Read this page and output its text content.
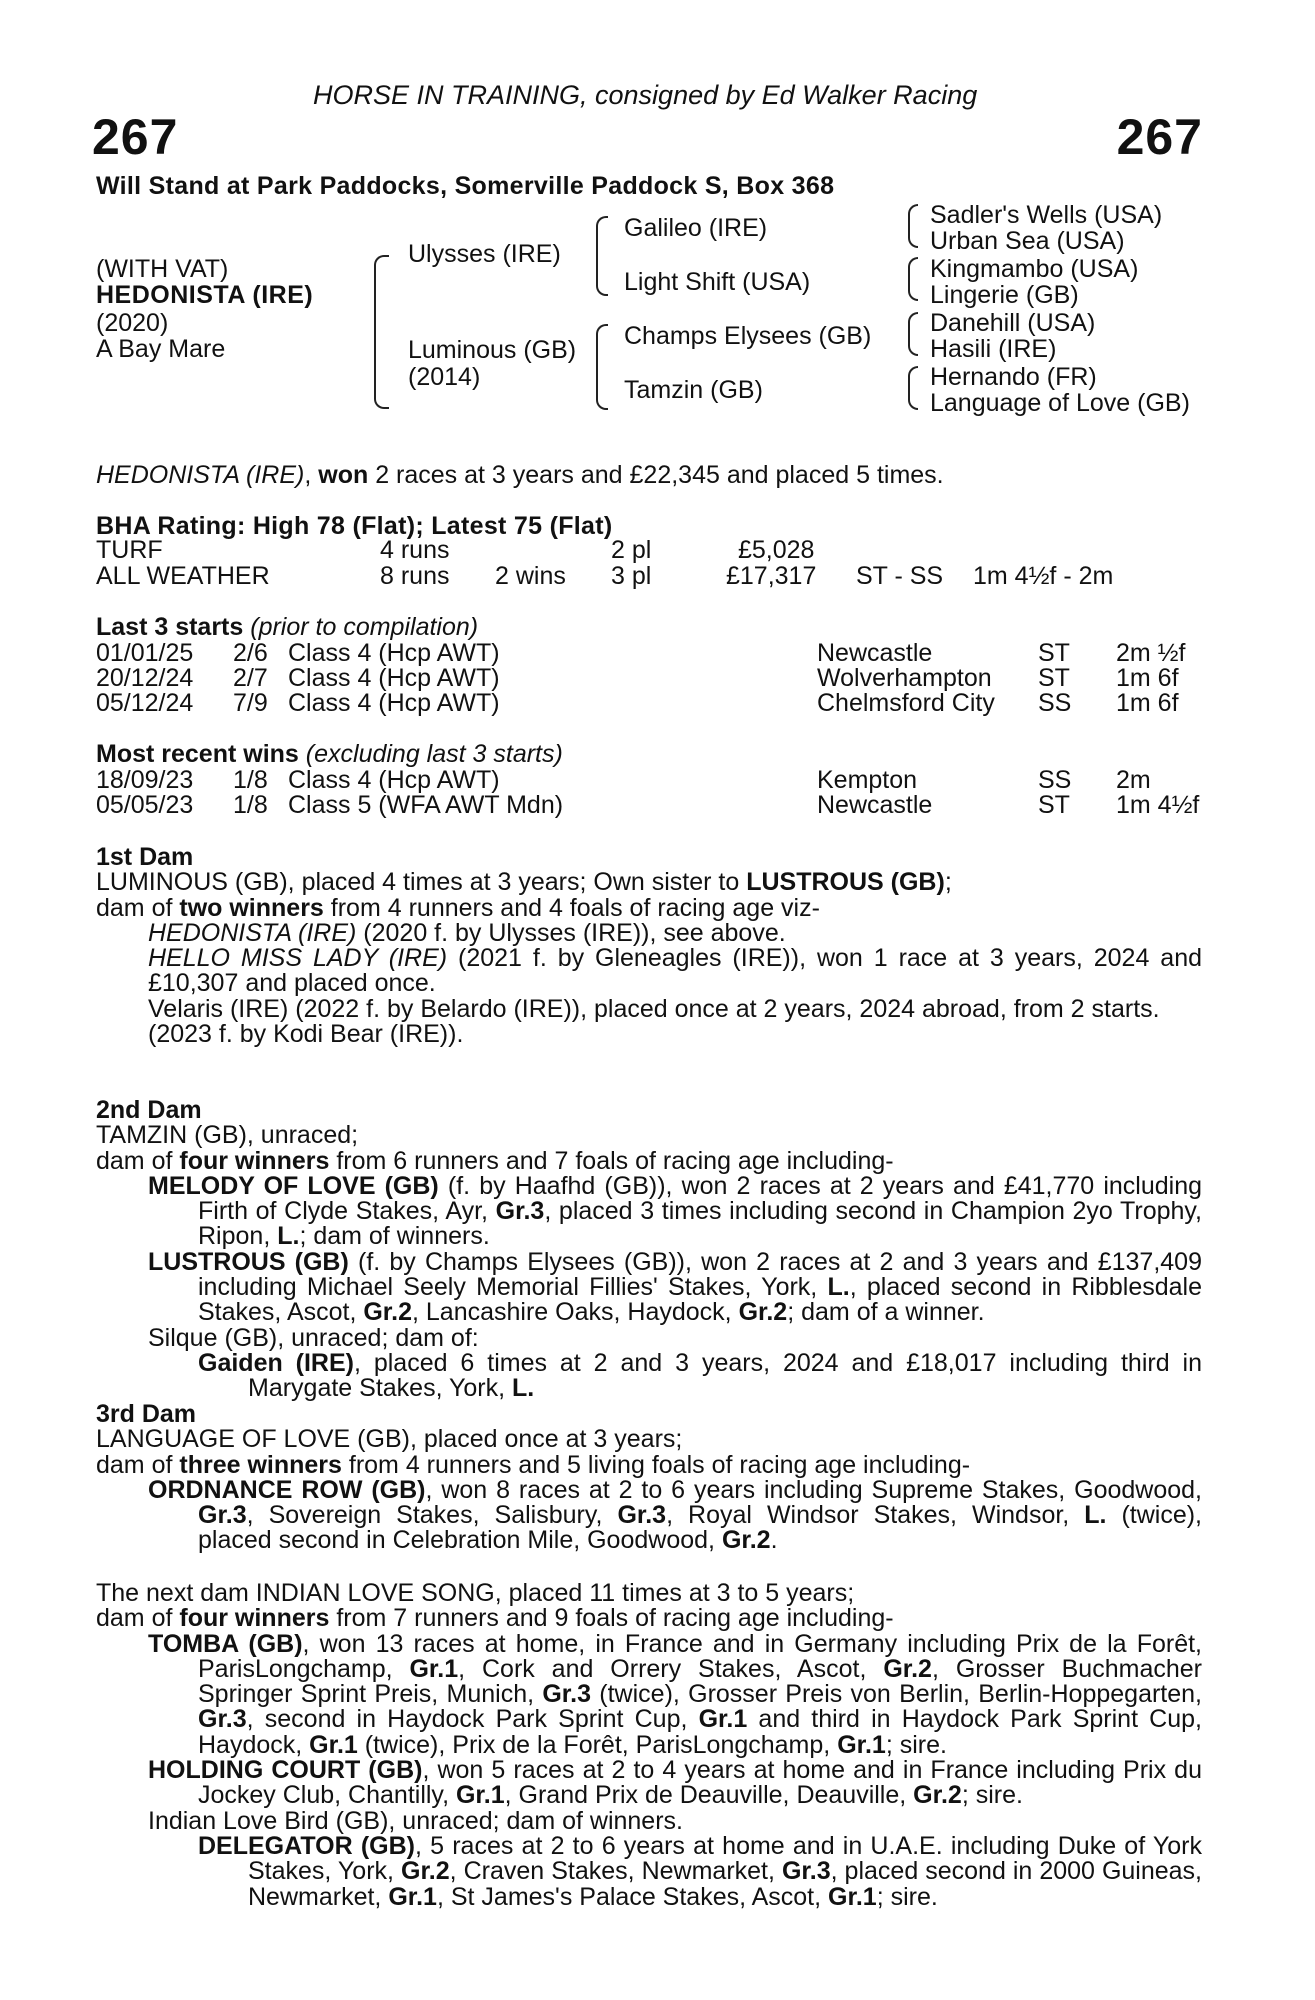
HORSE IN TRAINING, consigned by Ed Walker Racing
267	267
Will Stand at Park Paddocks, Somerville Paddock S, Box 368
(WITH VAT)
HEDONISTA (IRE)
(2020)
A Bay Mare
Ulysses (IRE)
Luminous (GB)
(2014)
Galileo (IRE)
Light Shift (USA)
Champs Elysees (GB)
Tamzin (GB)
Sadler's Wells (USA)
Urban Sea (USA)
Kingmambo (USA)
Lingerie (GB)
Danehill (USA)
Hasili (IRE)
Hernando (FR)
Language of Love (GB)
HEDONISTA (IRE), won 2 races at 3 years and £22,345 and placed 5 times.
BHA Rating: High 78 (Flat); Latest 75 (Flat)
TURF	4 runs	2 pl	£5,028
ALL WEATHER	8 runs 2 wins 3 pl	£17,317 ST - SS 1m 4½f - 2m
Last 3 starts (prior to compilation)
01/01/25 2/6 Class 4 (Hcp AWT)	Newcastle	ST 2m ½f
20/12/24 2/7 Class 4 (Hcp AWT)	Wolverhampton ST 1m 6f
05/12/24 7/9 Class 4 (Hcp AWT)	Chelmsford City SS 1m 6f
Most recent wins (excluding last 3 starts)
18/09/23 1/8 Class 4 (Hcp AWT)	Kempton	SS 2m
05/05/23 1/8 Class 5 (WFA AWT Mdn)	Newcastle	ST 1m 4½f

1st Dam

LUMINOUS (GB), placed 4 times at 3 years; Own sister to LUSTROUS (GB);

dam of two winners from 4 runners and 4 foals of racing age viz-

HEDONISTA (IRE) (2020 f. by Ulysses (IRE)), see above.

HELLO MISS LADY (IRE) (2021 f. by Gleneagles (IRE)), won 1 race at 3 years, 2024 and £10,307 and placed once.

Velaris (IRE) (2022 f. by Belardo (IRE)), placed once at 2 years, 2024 abroad, from 2 starts.

(2023 f. by Kodi Bear (IRE)).

2nd Dam

TAMZIN (GB), unraced;

dam of four winners from 6 runners and 7 foals of racing age including-

MELODY OF LOVE (GB) (f. by Haafhd (GB)), won 2 races at 2 years and £41,770 including Firth of Clyde Stakes, Ayr, Gr.3, placed 3 times including second in Champion 2yo Trophy, Ripon, L.; dam of winners.

LUSTROUS (GB) (f. by Champs Elysees (GB)), won 2 races at 2 and 3 years and £137,409 including Michael Seely Memorial Fillies' Stakes, York, L., placed second in Ribblesdale Stakes, Ascot, Gr.2, Lancashire Oaks, Haydock, Gr.2; dam of a winner.

Silque (GB), unraced; dam of:

Gaiden (IRE), placed 6 times at 2 and 3 years, 2024 and £18,017 including third in Marygate Stakes, York, L.

3rd Dam

LANGUAGE OF LOVE (GB), placed once at 3 years;

dam of three winners from 4 runners and 5 living foals of racing age including-

ORDNANCE ROW (GB), won 8 races at 2 to 6 years including Supreme Stakes, Goodwood, Gr.3, Sovereign Stakes, Salisbury, Gr.3, Royal Windsor Stakes, Windsor, L. (twice), placed second in Celebration Mile, Goodwood, Gr.2.

The next dam INDIAN LOVE SONG, placed 11 times at 3 to 5 years;

dam of four winners from 7 runners and 9 foals of racing age including-

TOMBA (GB), won 13 races at home, in France and in Germany including Prix de la Forêt, ParisLongchamp, Gr.1, Cork and Orrery Stakes, Ascot, Gr.2, Grosser Buchmacher Springer Sprint Preis, Munich, Gr.3 (twice), Grosser Preis von Berlin, Berlin-Hoppegarten, Gr.3, second in Haydock Park Sprint Cup, Gr.1 and third in Haydock Park Sprint Cup, Haydock, Gr.1 (twice), Prix de la Forêt, ParisLongchamp, Gr.1; sire.

HOLDING COURT (GB), won 5 races at 2 to 4 years at home and in France including Prix du Jockey Club, Chantilly, Gr.1, Grand Prix de Deauville, Deauville, Gr.2; sire.

Indian Love Bird (GB), unraced; dam of winners.

DELEGATOR (GB), 5 races at 2 to 6 years at home and in U.A.E. including Duke of York Stakes, York, Gr.2, Craven Stakes, Newmarket, Gr.3, placed second in 2000 Guineas, Newmarket, Gr.1, St James's Palace Stakes, Ascot, Gr.1; sire.
